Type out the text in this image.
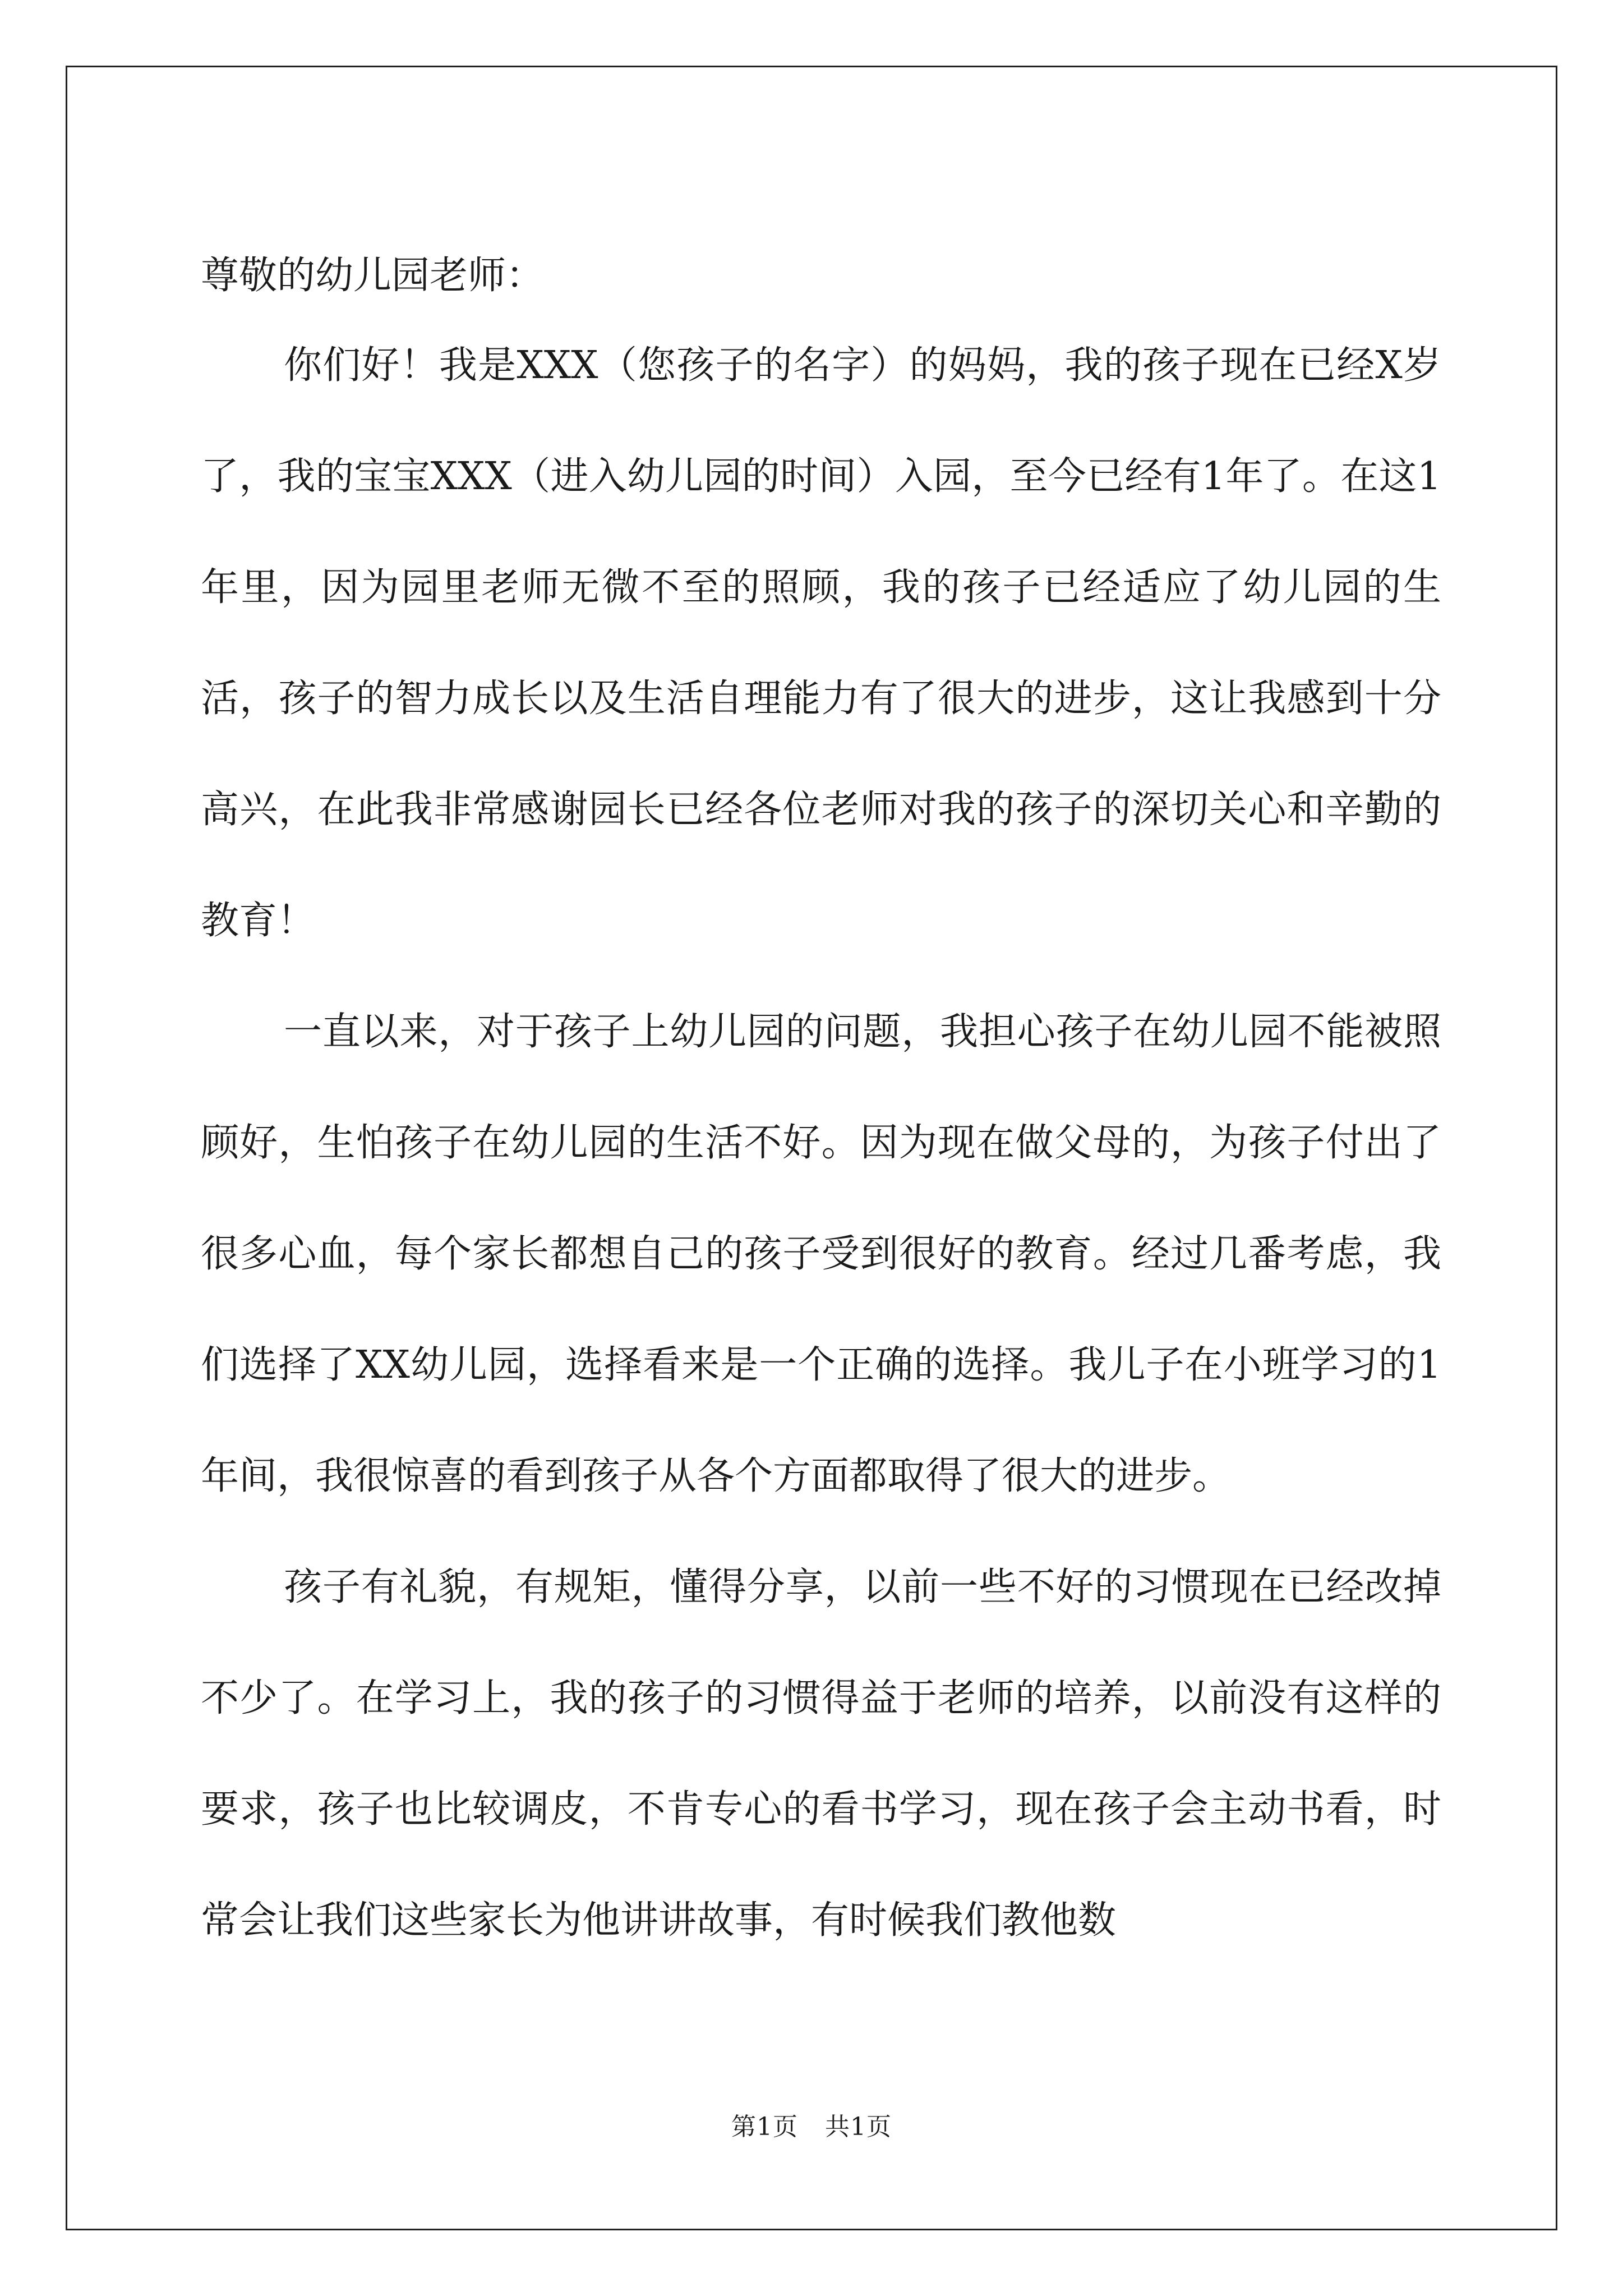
尊敬的幼儿园老师：

你们好！我是XXX（您孩子的名字）的妈妈，我的孩子现在已经X岁了，我的宝宝XXX（进入幼儿园的时间）入园，至今已经有1年了。在这1年里，因为园里老师无微不至的照顾，我的孩子已经适应了幼儿园的生活，孩子的智力成长以及生活自理能力有了很大的进步，这让我感到十分高兴，在此我非常感谢园长已经各位老师对我的孩子的深切关心和辛勤的教育！

一直以来，对于孩子上幼儿园的问题，我担心孩子在幼儿园不能被照顾好，生怕孩子在幼儿园的生活不好。因为现在做父母的，为孩子付出了很多心血，每个家长都想自己的孩子受到很好的教育。经过几番考虑，我们选择了XX幼儿园，选择看来是一个正确的选择。我儿子在小班学习的1年间，我很惊喜的看到孩子从各个方面都取得了很大的进步。

孩子有礼貌，有规矩，懂得分享，以前一些不好的习惯现在已经改掉不少了。在学习上，我的孩子的习惯得益于老师的培养，以前没有这样的要求，孩子也比较调皮，不肯专心的看书学习，现在孩子会主动书看，时常会让我们这些家长为他讲讲故事，有时候我们教他数

第1页 共1页
